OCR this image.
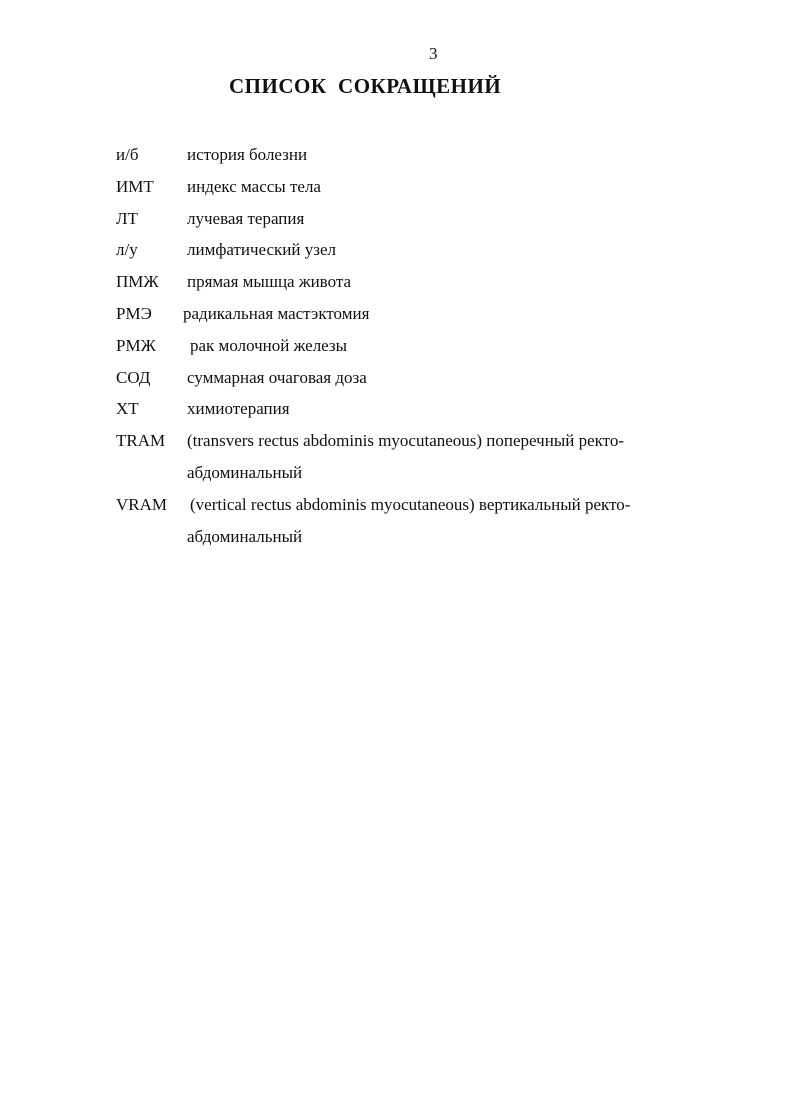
3
СПИСОК  СОКРАЩЕНИЙ
и/б	история болезни
ИМТ индекс массы тела
ЛТ	лучевая терапия
л/у	лимфатический узел
ПМЖ прямая мышца живота
РМЭ радикальная мастэктомия
РМЖ рак молочной железы
СОД суммарная очаговая доза
ХТ	химиотерапия
TRAM (transvers rectus abdominis myocutaneous) поперечный ректо-
абдоминальный
VRAM (vertical rectus abdominis myocutaneous) вертикальный ректо-
абдоминальный
